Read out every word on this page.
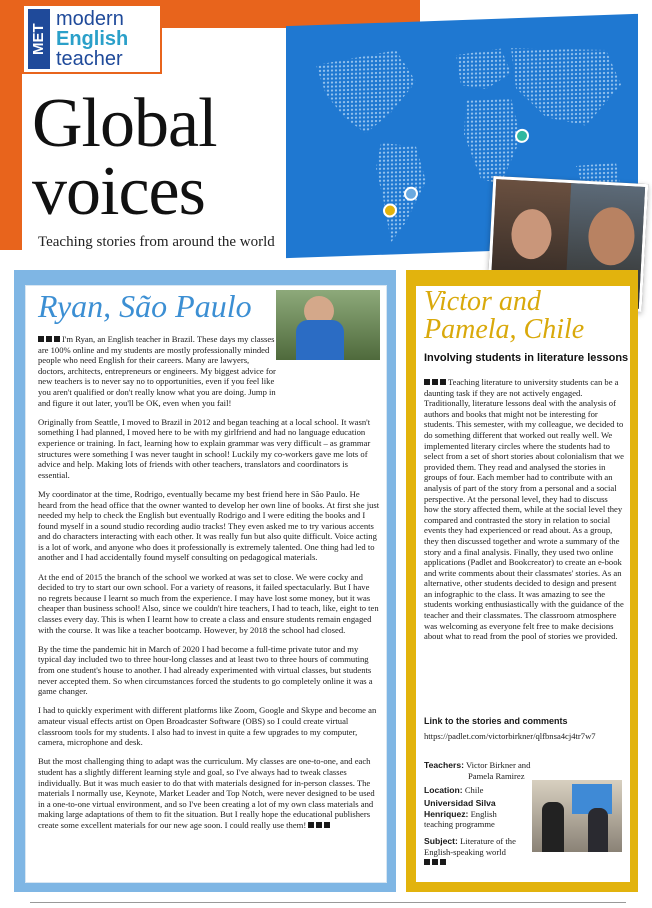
MET
modern
English
teacher
Global
voices
Teaching stories from around the world
Ryan, São Paulo

I'm Ryan, an English teacher in Brazil. These days my classes are 100% online and my students are mostly professionally minded people who need English for their careers. Many are lawyers, doctors, architects, entrepreneurs or engineers. My biggest advice for new teachers is to never say no to opportunities, even if you feel like you aren't qualified or don't really know what you are doing. Jump in and figure it out later, you'll be OK, even when you fail!

Originally from Seattle, I moved to Brazil in 2012 and began teaching at a local school. It wasn't something I had planned, I moved here to be with my girlfriend and had no language education experience or training. In fact, learning how to explain grammar was very difficult – as grammar structures were something I was never taught in school! Luckily my co-workers gave me lots of advice and help. Making lots of friends with other teachers, translators and coordinators is essential.

My coordinator at the time, Rodrigo, eventually became my best friend here in São Paulo. He heard from the head office that the owner wanted to develop her own line of books. At first she just needed my help to check the English but eventually Rodrigo and I were editing the books and I found myself in a sound studio recording audio tracks! They even asked me to try various accents and do characters interacting with each other. It was really fun but also quite difficult. Voice acting is a lot of work, and anyone who does it professionally is extremely talented. One thing had led to another and I had accidentally found myself consulting on pedagogical materials.

At the end of 2015 the branch of the school we worked at was set to close. We were cocky and decided to try to start our own school. For a variety of reasons, it failed spectacularly. But I have no regrets because I learnt so much from the experience. I may have lost some money, but it was cheaper than business school! Also, since we couldn't hire teachers, I had to teach, like, eight to ten classes every day. This is when I learnt how to create a class and ensure students remain engaged with the course. It was like a teacher bootcamp. However, by 2018 the school had closed.

By the time the pandemic hit in March of 2020 I had become a full-time private tutor and my typical day included two to three hour-long classes and at least two to three hours of commuting from one student's house to another. I had already experimented with virtual classes, but students never accepted them. So when circumstances forced the students to go completely online it was a game changer.

I had to quickly experiment with different platforms like Zoom, Google and Skype and become an amateur visual effects artist on Open Broadcaster Software (OBS) so I could create virtual classroom tools for my students. I also had to invest in quite a few upgrades to my computer, camera, microphone and desk.

But the most challenging thing to adapt was the curriculum. My classes are one-to-one, and each student has a slightly different learning style and goal, so I've always had to tweak classes individually. But it was much easier to do that with materials designed for in-person classes. The materials I normally use, Keynote, Market Leader and Top Notch, were never designed to be used in a one-to-one virtual environment, and so I've been creating a lot of my own class materials and making large adaptations of them to fit the situation. But I really hope the educational publishers create some excellent materials for our new age soon. I could really use them!

Victor and
Pamela, Chile
Involving students in literature lessons
Teaching literature to university students can be a daunting task if they are not actively engaged. Traditionally, literature lessons deal with the analysis of authors and books that might not be interesting for students. This semester, with my colleague, we decided to do something different that worked out really well. We implemented literary circles where the students had to select from a set of short stories about colonialism that we provided them. They read and analysed the stories in groups of four. Each member had to contribute with an analysis of part of the story from a personal and a social perspective. At the personal level, they had to discuss how the story affected them, while at the social level they compared and contrasted the story in relation to social events they had experienced or read about. As a group, they then discussed together and wrote a summary of the story and a final analysis. Finally, they used two online applications (Padlet and Bookcreator) to create an e-book and write comments about their classmates' stories. As an alternative, other students decided to design and present an infographic to the class. It was amazing to see the students working enthusiastically with the guidance of the teacher and their classmates. The classroom atmosphere was welcoming as everyone felt free to make decisions about what to read from the pool of stories we provided.
Link to the stories and comments
https://padlet.com/victorbirkner/qlfbnsa4cj4tr7w7
Teachers: Victor Birkner and
Pamela Ramirez
Location: Chile
Universidad Silva
Henriquez: English
teaching programme
Subject: Literature of the
English-speaking world
